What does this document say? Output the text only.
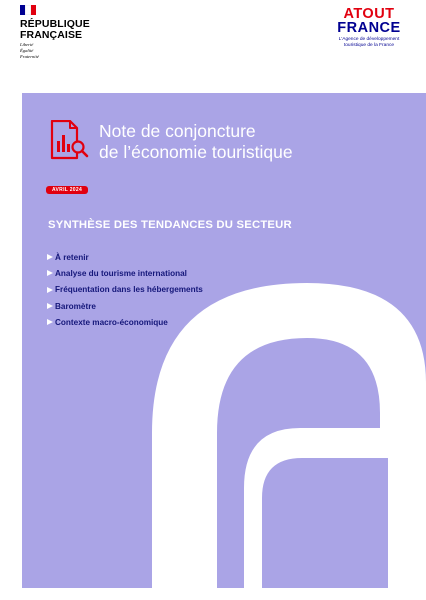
RÉPUBLIQUE
FRANÇAISE
Liberté
Égalité
Fraternité
ATOUT
FRANCE
L'Agence de développement
touristique de la France
Note de conjoncture
de l’économie touristique
AVRIL 2024
SYNTHÈSE DES TENDANCES DU SECTEUR
À retenir
Analyse du tourisme international
Fréquentation dans les hébergements
Baromètre
Contexte macro-économique
